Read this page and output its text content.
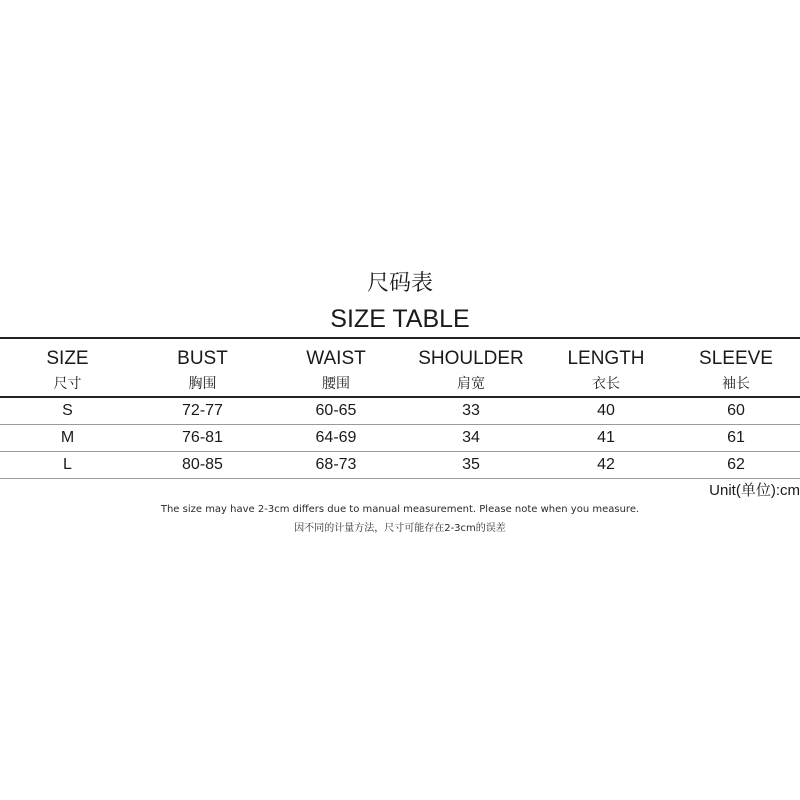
尺码表
SIZE TABLE
SIZE	BUST	WAIST	SHOULDER	LENGTH	SLEEVE
尺寸	胸围	腰围	肩宽	衣长	袖长
S	72-77	60-65	33	40	60
M	76-81	64-69	34	41	61
L	80-85	68-73	35	42	62
Unit(单位):cm
The size may have 2-3cm differs due to manual measurement. Please note when you measure.
因不同的计量方法，尺寸可能存在2-3cm的误差
